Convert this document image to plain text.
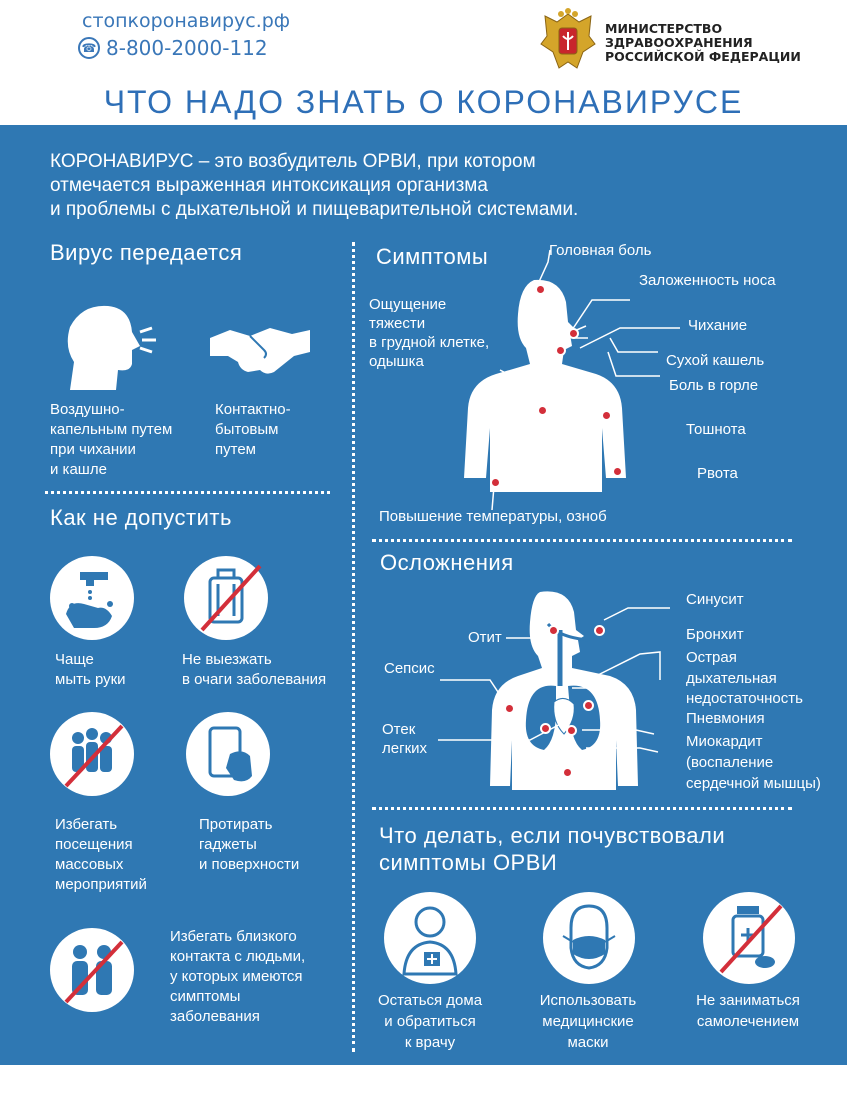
стопкоронавирус.рф
☎ 8-800-2000-112
МИНИСТЕРСТВО
ЗДРАВООХРАНЕНИЯ
РОССИЙСКОЙ ФЕДЕРАЦИИ
ЧТО НАДО ЗНАТЬ О КОРОНАВИРУСЕ
КОРОНАВИРУС – это возбудитель ОРВИ, при котором
отмечается выраженная интоксикация организма
и проблемы с дыхательной и пищеварительной системами.
Вирус передается
Воздушно-
капельным путем
при чихании
и кашле
Контактно-
бытовым
путем
Как не допустить
Чаще
мыть руки
Не выезжать
в очаги заболевания
Избегать
посещения
массовых
мероприятий
Протирать
гаджеты
и поверхности
Избегать близкого
контакта с людьми,
у которых имеются
симптомы
заболевания
Симптомы	Головная боль
Заложенность носа
Чихание
Сухой кашель
Боль в горле
Тошнота
Рвота
Ощущение
тяжести
в грудной клетке,
одышка
Повышение температуры, озноб
Осложнения
Синусит
Отит	Бронхит
Острая
дыхательная
недостаточность
Сепсис
Пневмония
Отек
легких	Миокардит
(воспаление
сердечной мышцы)
Что делать, если почувствовали
симптомы ОРВИ
Остаться дома
и обратиться
к врачу
Использовать
медицинские
маски
Не заниматься
самолечением
